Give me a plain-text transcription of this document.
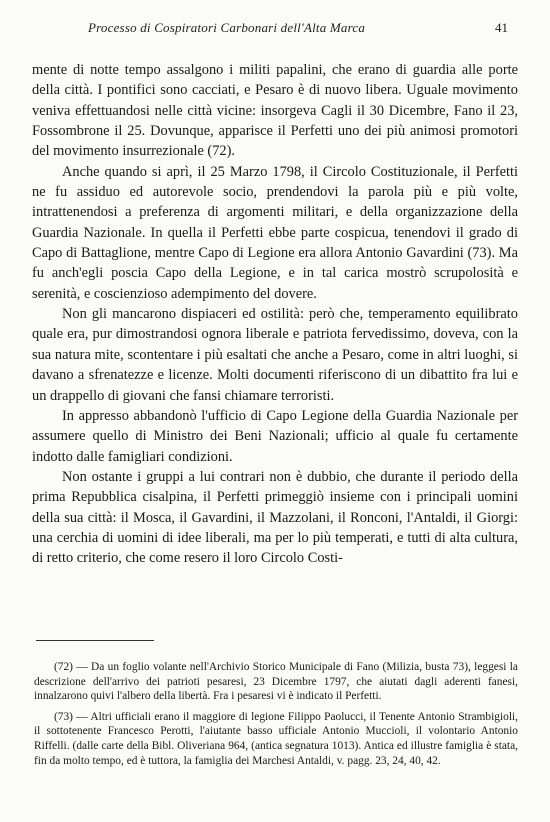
Processo di Cospiratori Carbonari dell'Alta Marca	41

mente di notte tempo assalgono i militi papalini, che erano di guardia alle porte della città. I pontifici sono cacciati, e Pesaro è di nuovo libera. Uguale movimento veniva effettuandosi nelle città vicine: insorgeva Cagli il 30 Dicembre, Fano il 23, Fossombrone il 25. Dovunque, apparisce il Perfetti uno dei più animosi promotori del movimento insurrezionale (72).

Anche quando si aprì, il 25 Marzo 1798, il Circolo Costituzionale, il Perfetti ne fu assiduo ed autorevole socio, prendendovi la parola più e più volte, intrattenendosi a preferenza di argomenti militari, e della organizzazione della Guardia Nazionale. In quella il Perfetti ebbe parte cospicua, tenendovi il grado di Capo di Battaglione, mentre Capo di Legione era allora Antonio Gavardini (73). Ma fu anch'egli poscia Capo della Legione, e in tal carica mostrò scrupolosità e serenità, e coscienzioso adempimento del dovere.

Non gli mancarono dispiaceri ed ostilità: però che, temperamento equilibrato quale era, pur dimostrandosi ognora liberale e patriota fervedissimo, doveva, con la sua natura mite, scontentare i più esaltati che anche a Pesaro, come in altri luoghi, si davano a sfrenatezze e licenze. Molti documenti riferiscono di un dibattito fra lui e un drappello di giovani che fansi chiamare terroristi.

In appresso abbandonò l'ufficio di Capo Legione della Guardia Nazionale per assumere quello di Ministro dei Beni Nazionali; ufficio al quale fu certamente indotto dalle famigliari condizioni.

Non ostante i gruppi a lui contrari non è dubbio, che durante il periodo della prima Repubblica cisalpina, il Perfetti primeggiò insieme con i principali uomini della sua città: il Mosca, il Gavardini, il Mazzolani, il Ronconi, l'Antaldi, il Giorgi: una cerchia di uomini di idee liberali, ma per lo più temperati, e tutti di alta cultura, di retto criterio, che come resero il loro Circolo Costi-

(72) — Da un foglio volante nell'Archivio Storico Municipale di Fano (Milizia, busta 73), leggesi la descrizione dell'arrivo dei patrioti pesaresi, 23 Dicembre 1797, che aiutati dagli aderenti fanesi, innalzarono quivi l'albero della libertà. Fra i pesaresi vi è indicato il Perfetti.

(73) — Altri ufficiali erano il maggiore di legione Filippo Paolucci, il Tenente Antonio Strambigioli, il sottotenente Francesco Perotti, l'aiutante basso ufficiale Antonio Muccioli, il volontario Antonio Riffelli. (dalle carte della Bibl. Oliveriana 964, (antica segnatura 1013). Antica ed illustre famiglia è stata, fin da molto tempo, ed è tuttora, la famiglia dei Marchesi Antaldi, v. pagg. 23, 24, 40, 42.
